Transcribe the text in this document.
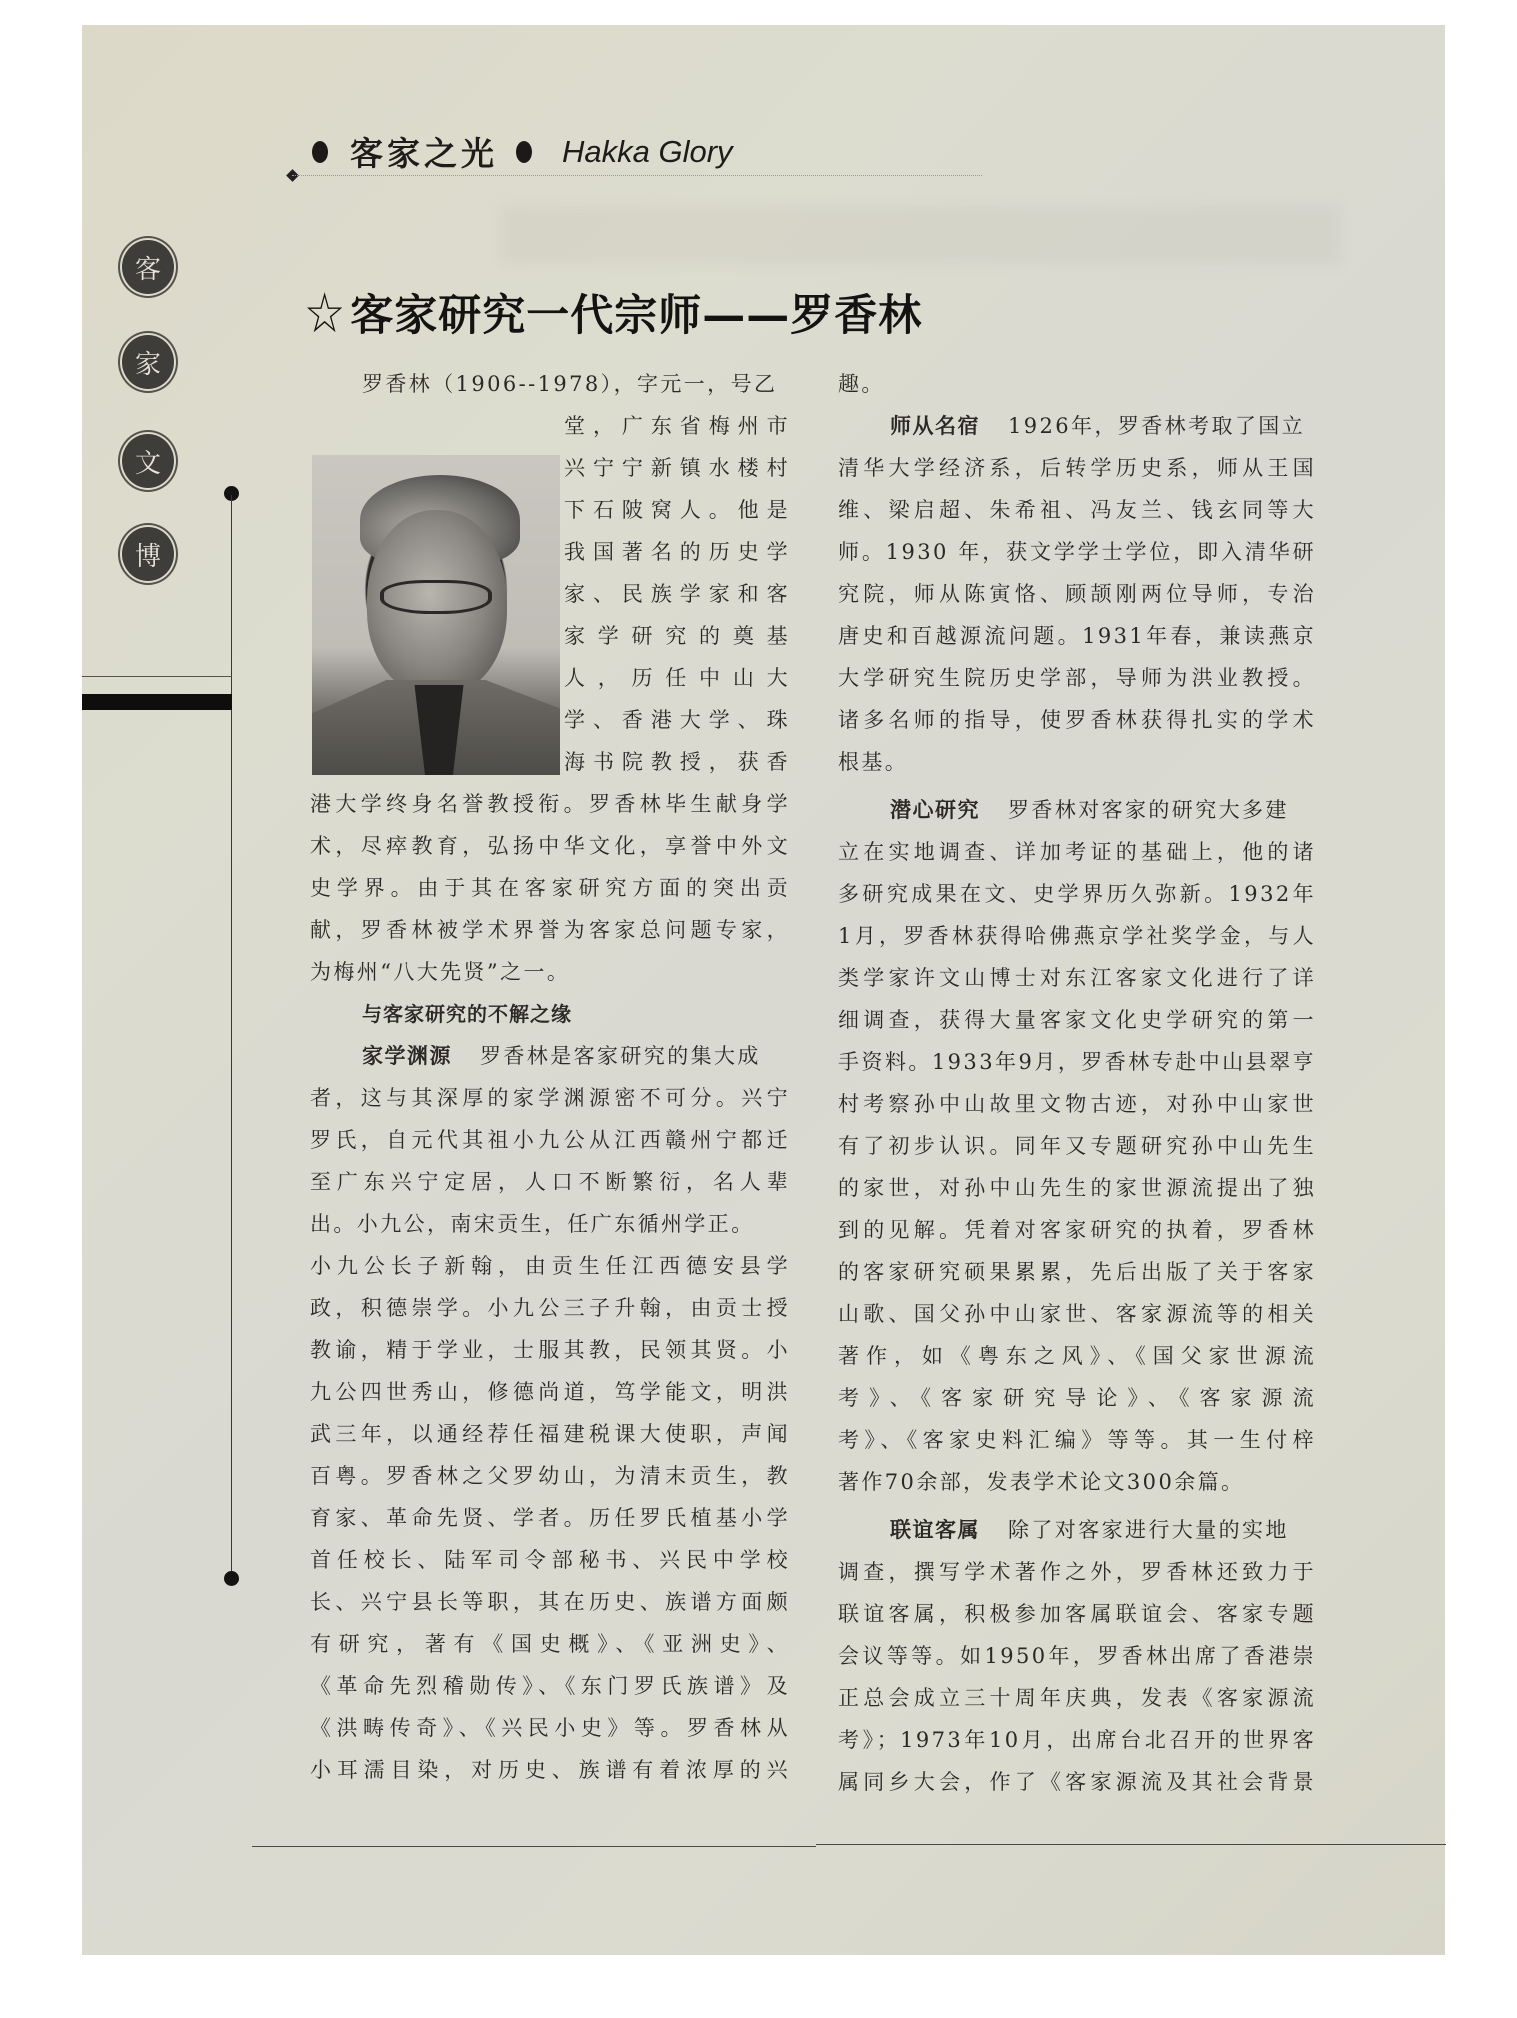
客家之光 Hakka Glory
客
家
文
博
☆ 客家研究一代宗师——罗香林
罗香林（1906--1978），字元一，号乙
堂，广东省梅州市
兴宁宁新镇水楼村
下石陂窝人。他是
我国著名的历史学
家、民族学家和客
家学研究的奠基
人，历任中山大
学、香港大学、珠
海书院教授，获香
港大学终身名誉教授衔。罗香林毕生献身学
术，尽瘁教育，弘扬中华文化，享誉中外文
史学界。由于其在客家研究方面的突出贡
献，罗香林被学术界誉为客家总问题专家，
为梅州“八大先贤”之一。
与客家研究的不解之缘
家学渊源 罗香林是客家研究的集大成
者，这与其深厚的家学渊源密不可分。兴宁
罗氏，自元代其祖小九公从江西赣州宁都迁
至广东兴宁定居，人口不断繁衍，名人辈
出。小九公，南宋贡生，任广东循州学正。
小九公长子新翰，由贡生任江西德安县学
政，积德崇学。小九公三子升翰，由贡士授
教谕，精于学业，士服其教，民领其贤。小
九公四世秀山，修德尚道，笃学能文，明洪
武三年，以通经荐任福建税课大使职，声闻
百粤。罗香林之父罗幼山，为清末贡生，教
育家、革命先贤、学者。历任罗氏植基小学
首任校长、陆军司令部秘书、兴民中学校
长、兴宁县长等职，其在历史、族谱方面颇
有研究，著有《国史概》、《亚洲史》、
《革命先烈稽勋传》、《东门罗氏族谱》及
《洪畴传奇》、《兴民小史》等。罗香林从
小耳濡目染，对历史、族谱有着浓厚的兴
趣。
师从名宿 1926年，罗香林考取了国立
清华大学经济系，后转学历史系，师从王国
维、梁启超、朱希祖、冯友兰、钱玄同等大
师。1930 年，获文学学士学位，即入清华研
究院，师从陈寅恪、顾颉刚两位导师，专治
唐史和百越源流问题。1931年春，兼读燕京
大学研究生院历史学部，导师为洪业教授。
诸多名师的指导，使罗香林获得扎实的学术
根基。
潜心研究 罗香林对客家的研究大多建
立在实地调查、详加考证的基础上，他的诸
多研究成果在文、史学界历久弥新。1932年
1月，罗香林获得哈佛燕京学社奖学金，与人
类学家许文山博士对东江客家文化进行了详
细调查，获得大量客家文化史学研究的第一
手资料。1933年9月，罗香林专赴中山县翠亨
村考察孙中山故里文物古迹，对孙中山家世
有了初步认识。同年又专题研究孙中山先生
的家世，对孙中山先生的家世源流提出了独
到的见解。凭着对客家研究的执着，罗香林
的客家研究硕果累累，先后出版了关于客家
山歌、国父孙中山家世、客家源流等的相关
著作，如《粤东之风》、《国父家世源流
考》、《客家研究导论》、《客家源流
考》、《客家史料汇编》等等。其一生付梓
著作70余部，发表学术论文300余篇。
联谊客属 除了对客家进行大量的实地
调查，撰写学术著作之外，罗香林还致力于
联谊客属，积极参加客属联谊会、客家专题
会议等等。如1950年，罗香林出席了香港崇
正总会成立三十周年庆典，发表《客家源流
考》；1973年10月，出席台北召开的世界客
属同乡大会，作了《客家源流及其社会背景
